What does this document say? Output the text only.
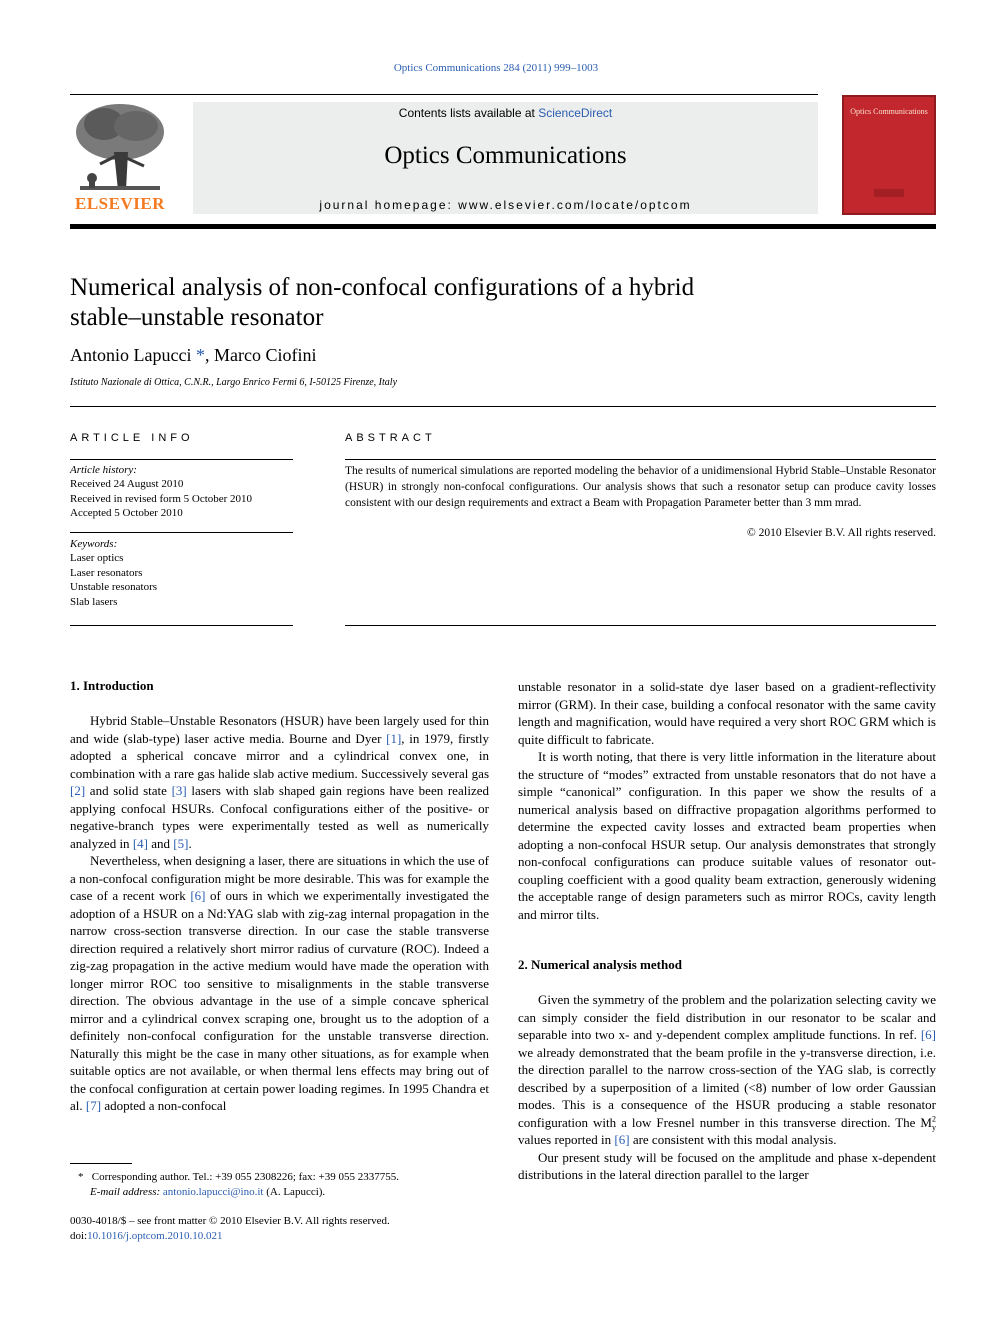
Optics Communications 284 (2011) 999–1003
ELSEVIER
Contents lists available at ScienceDirect
Optics Communications
journal homepage: www.elsevier.com/locate/optcom
Optics Communications
Numerical analysis of non-confocal configurations of a hybrid stable–unstable resonator
Antonio Lapucci *, Marco Ciofini
Istituto Nazionale di Ottica, C.N.R., Largo Enrico Fermi 6, I-50125 Firenze, Italy
ARTICLE INFO	ABSTRACT
Article history:
Received 24 August 2010
Received in revised form 5 October 2010
Accepted 5 October 2010
Keywords:
Laser optics
Laser resonators
Unstable resonators
Slab lasers
The results of numerical simulations are reported modeling the behavior of a unidimensional Hybrid Stable–Unstable Resonator (HSUR) in strongly non-confocal configurations. Our analysis shows that such a resonator setup can produce cavity losses consistent with our design requirements and extract a Beam with Propagation Parameter better than 3 mm mrad.
© 2010 Elsevier B.V. All rights reserved.
1. Introduction

Hybrid Stable–Unstable Resonators (HSUR) have been largely used for thin and wide (slab-type) laser active media. Bourne and Dyer [1], in 1979, firstly adopted a spherical concave mirror and a cylindrical convex one, in combination with a rare gas halide slab active medium. Successively several gas [2] and solid state [3] lasers with slab shaped gain regions have been realized applying confocal HSURs. Confocal configurations either of the positive- or negative-branch types were experimentally tested as well as numerically analyzed in [4] and [5].

Nevertheless, when designing a laser, there are situations in which the use of a non-confocal configuration might be more desirable. This was for example the case of a recent work [6] of ours in which we experimentally investigated the adoption of a HSUR on a Nd:YAG slab with zig-zag internal propagation in the narrow cross-section transverse direction. In our case the stable transverse direction required a relatively short mirror radius of curvature (ROC). Indeed a zig-zag propagation in the active medium would have made the operation with longer mirror ROC too sensitive to misalignments in the stable transverse direction. The obvious advantage in the use of a simple concave spherical mirror and a cylindrical convex scraping one, brought us to the adoption of a definitely non-confocal configuration for the unstable transverse direction. Naturally this might be the case in many other situations, as for example when suitable optics are not available, or when thermal lens effects may bring out of the confocal configuration at certain power loading regimes. In 1995 Chandra et al. [7] adopted a non-confocal

unstable resonator in a solid-state dye laser based on a gradient-reflectivity mirror (GRM). In their case, building a confocal resonator with the same cavity length and magnification, would have required a very short ROC GRM which is quite difficult to fabricate.

It is worth noting, that there is very little information in the literature about the structure of “modes” extracted from unstable resonators that do not have a simple “canonical” configuration. In this paper we show the results of a numerical analysis based on diffractive propagation algorithms performed to determine the expected cavity losses and extracted beam properties when adopting a non-confocal HSUR setup. Our analysis demonstrates that strongly non-confocal configurations can produce suitable values of resonator out-coupling coefficient with a good quality beam extraction, generously widening the acceptable range of design parameters such as mirror ROCs, cavity length and mirror tilts.

2. Numerical analysis method

Given the symmetry of the problem and the polarization selecting cavity we can simply consider the field distribution in our resonator to be scalar and separable into two x- and y-dependent complex amplitude functions. In ref. [6] we already demonstrated that the beam profile in the y-transverse direction, i.e. the direction parallel to the narrow cross-section of the YAG slab, is correctly described by a superposition of a limited (<8) number of low order Gaussian modes. This is a consequence of the HSUR producing a stable resonator configuration with a low Fresnel number in this transverse direction. The $M^2_y$ values reported in [6] are consistent with this modal analysis.

Our present study will be focused on the amplitude and phase x-dependent distributions in the lateral direction parallel to the larger

* Corresponding author. Tel.: +39 055 2308226; fax: +39 055 2337755.
E-mail address: antonio.lapucci@ino.it (A. Lapucci).
0030-4018/$ – see front matter © 2010 Elsevier B.V. All rights reserved.
doi:10.1016/j.optcom.2010.10.021
